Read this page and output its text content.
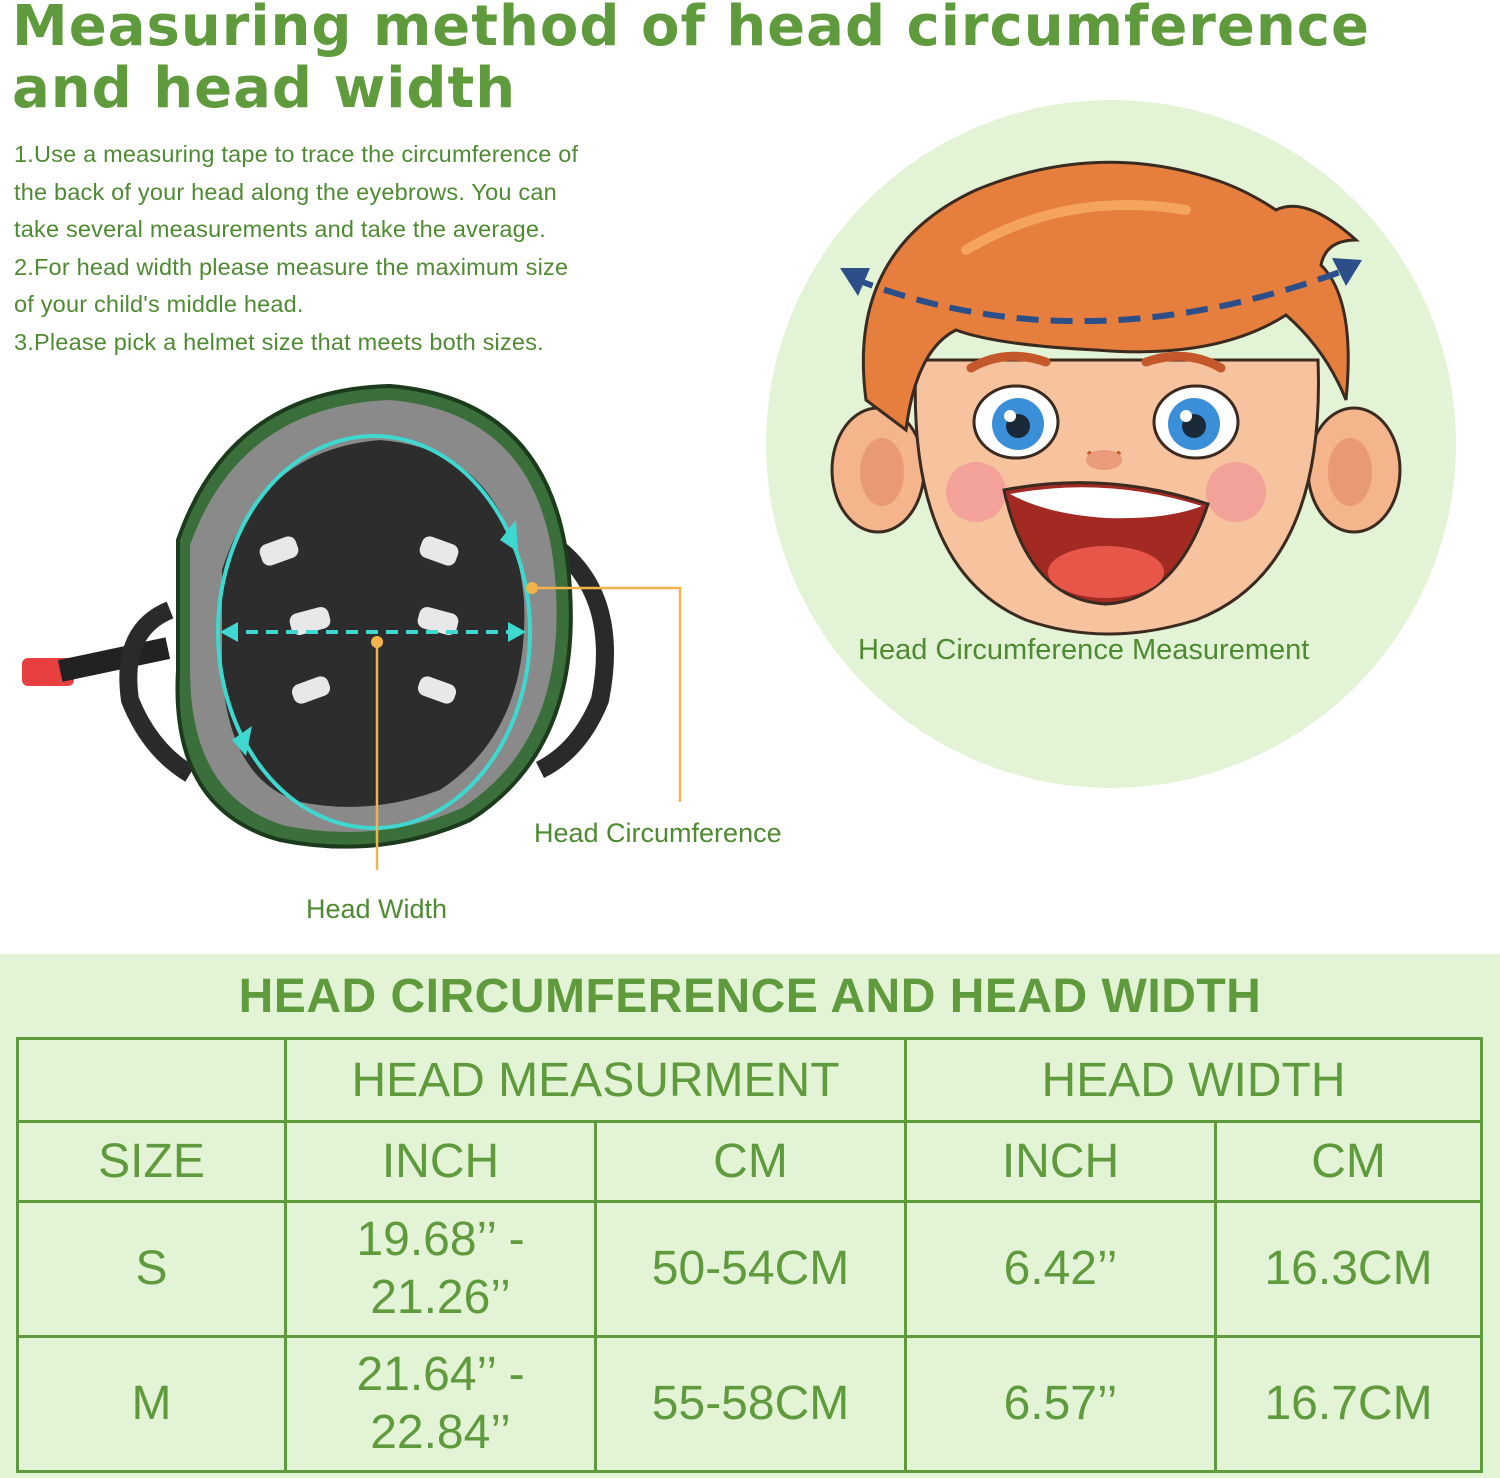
Measuring method of head circumference and head width

1.Use a measuring tape to trace the circumference of

the back of your head along the eyebrows. You can

take several measurements and take the average.

2.For head width please measure the maximum size

of your child's middle head.

3.Please pick a helmet size that meets both sizes.

Head Circumference Measurement
Head Circumference
Head Width
HEAD CIRCUMFERENCE AND HEAD WIDTH
	HEAD MEASURMENT		HEAD WIDTH	
SIZE	INCH	CM	INCH	CM
S	19.68’’ -
21.26’’	50-54CM	6.42’’	16.3CM
M	21.64’’ -
22.84’’	55-58CM	6.57’’	16.7CM
